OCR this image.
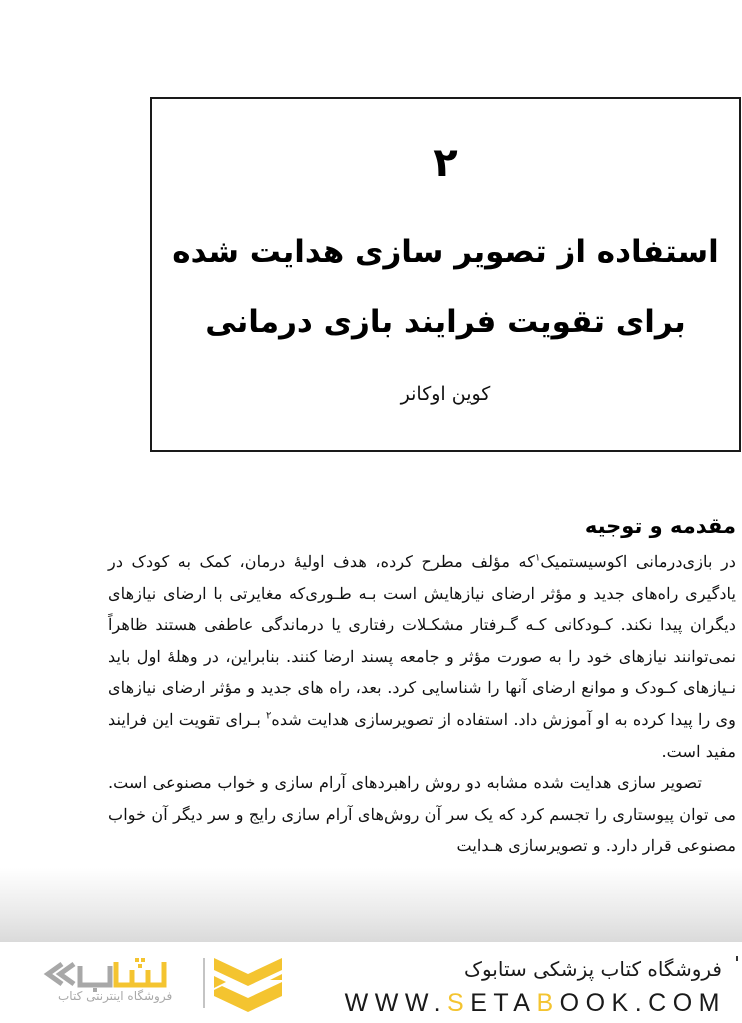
۲
استفاده از تصویر سازی هدایت شده
برای تقویت فرایند بازی درمانی
کوین اوکانر
مقدمه و توجیه

در بازی‌درمانی اکوسیستمیک$^۱$که مؤلف مطرح کرده، هدف اولیهٔ درمان، کمک به کودک در یادگیری راه‌های جدید و مؤثر ارضای نیازهایش است بـه طـوری‌که مغایرتی با ارضای نیازهای دیگران پیدا نکند. کـودکانی کـه گـرفتار مشکـلات رفتاری یا درماندگی عاطفی هستند ظاهراً نمی‌توانند نیازهای خود را به صورت مؤثر و جامعه پسند ارضا کنند. بنابراین، در وهلهٔ اول باید نـیازهای کـودک و موانع ارضای آنها را شناسایی کرد. بعد، راه های جدید و مؤثر ارضای نیازهای وی را پیدا کرده به او آموزش داد. استفاده از تصویرسازی هدایت شده$^۲$ بـرای تقویت این فرایند مفید است.

تصویر سازی هدایت شده مشابه دو روش راهبردهای آرام سازی و خواب مصنوعی است. می توان پیوستاری را تجسم کرد که یک سر آن روش‌های آرام سازی رایج و سر دیگر آن خواب مصنوعی قرار دارد. و تصویرسازی هـدایت

فروشگاه اینترنتی کتاب
فروشگاه کتاب پزشکی ستابوک
WWW.SETABOOK.COM
